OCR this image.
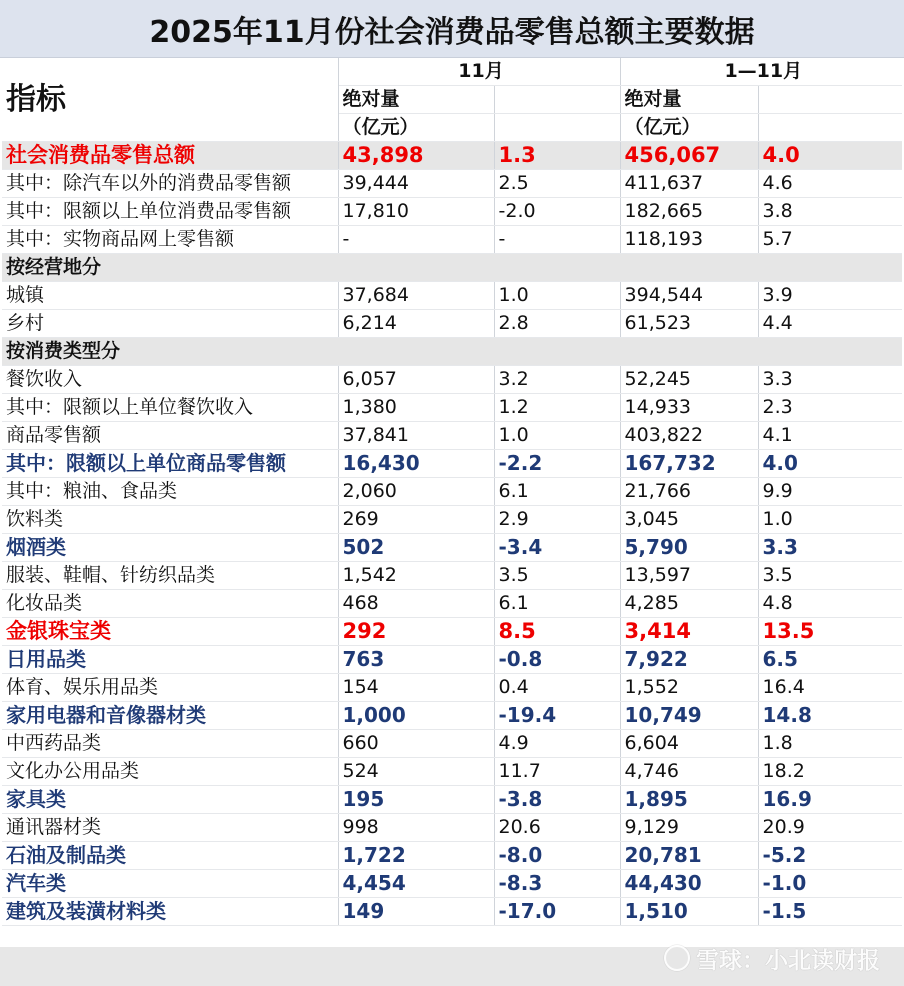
2025年11月份社会消费品零售总额主要数据
指标	11月		1—11月	
	绝对量		绝对量	
	（亿元）		（亿元）	
社会消费品零售总额	43,898	1.3	456,067	4.0
其中：除汽车以外的消费品零售额	39,444	2.5	411,637	4.6
其中：限额以上单位消费品零售额	17,810	-2.0	182,665	3.8
其中：实物商品网上零售额	-	-	118,193	5.7
按经营地分				
城镇	37,684	1.0	394,544	3.9
乡村	6,214	2.8	61,523	4.4
按消费类型分				
餐饮收入	6,057	3.2	52,245	3.3
其中：限额以上单位餐饮收入	1,380	1.2	14,933	2.3
商品零售额	37,841	1.0	403,822	4.1
其中：限额以上单位商品零售额	16,430	-2.2	167,732	4.0
其中：粮油、食品类	2,060	6.1	21,766	9.9
饮料类	269	2.9	3,045	1.0
烟酒类	502	-3.4	5,790	3.3
服装、鞋帽、针纺织品类	1,542	3.5	13,597	3.5
化妆品类	468	6.1	4,285	4.8
金银珠宝类	292	8.5	3,414	13.5
日用品类	763	-0.8	7,922	6.5
体育、娱乐用品类	154	0.4	1,552	16.4
家用电器和音像器材类	1,000	-19.4	10,749	14.8
中西药品类	660	4.9	6,604	1.8
文化办公用品类	524	11.7	4,746	18.2
家具类	195	-3.8	1,895	16.9
通讯器材类	998	20.6	9,129	20.9
石油及制品类	1,722	-8.0	20,781	-5.2
汽车类	4,454	-8.3	44,430	-1.0
建筑及装潢材料类	149	-17.0	1,510	-1.5
雪球：小北读财报
